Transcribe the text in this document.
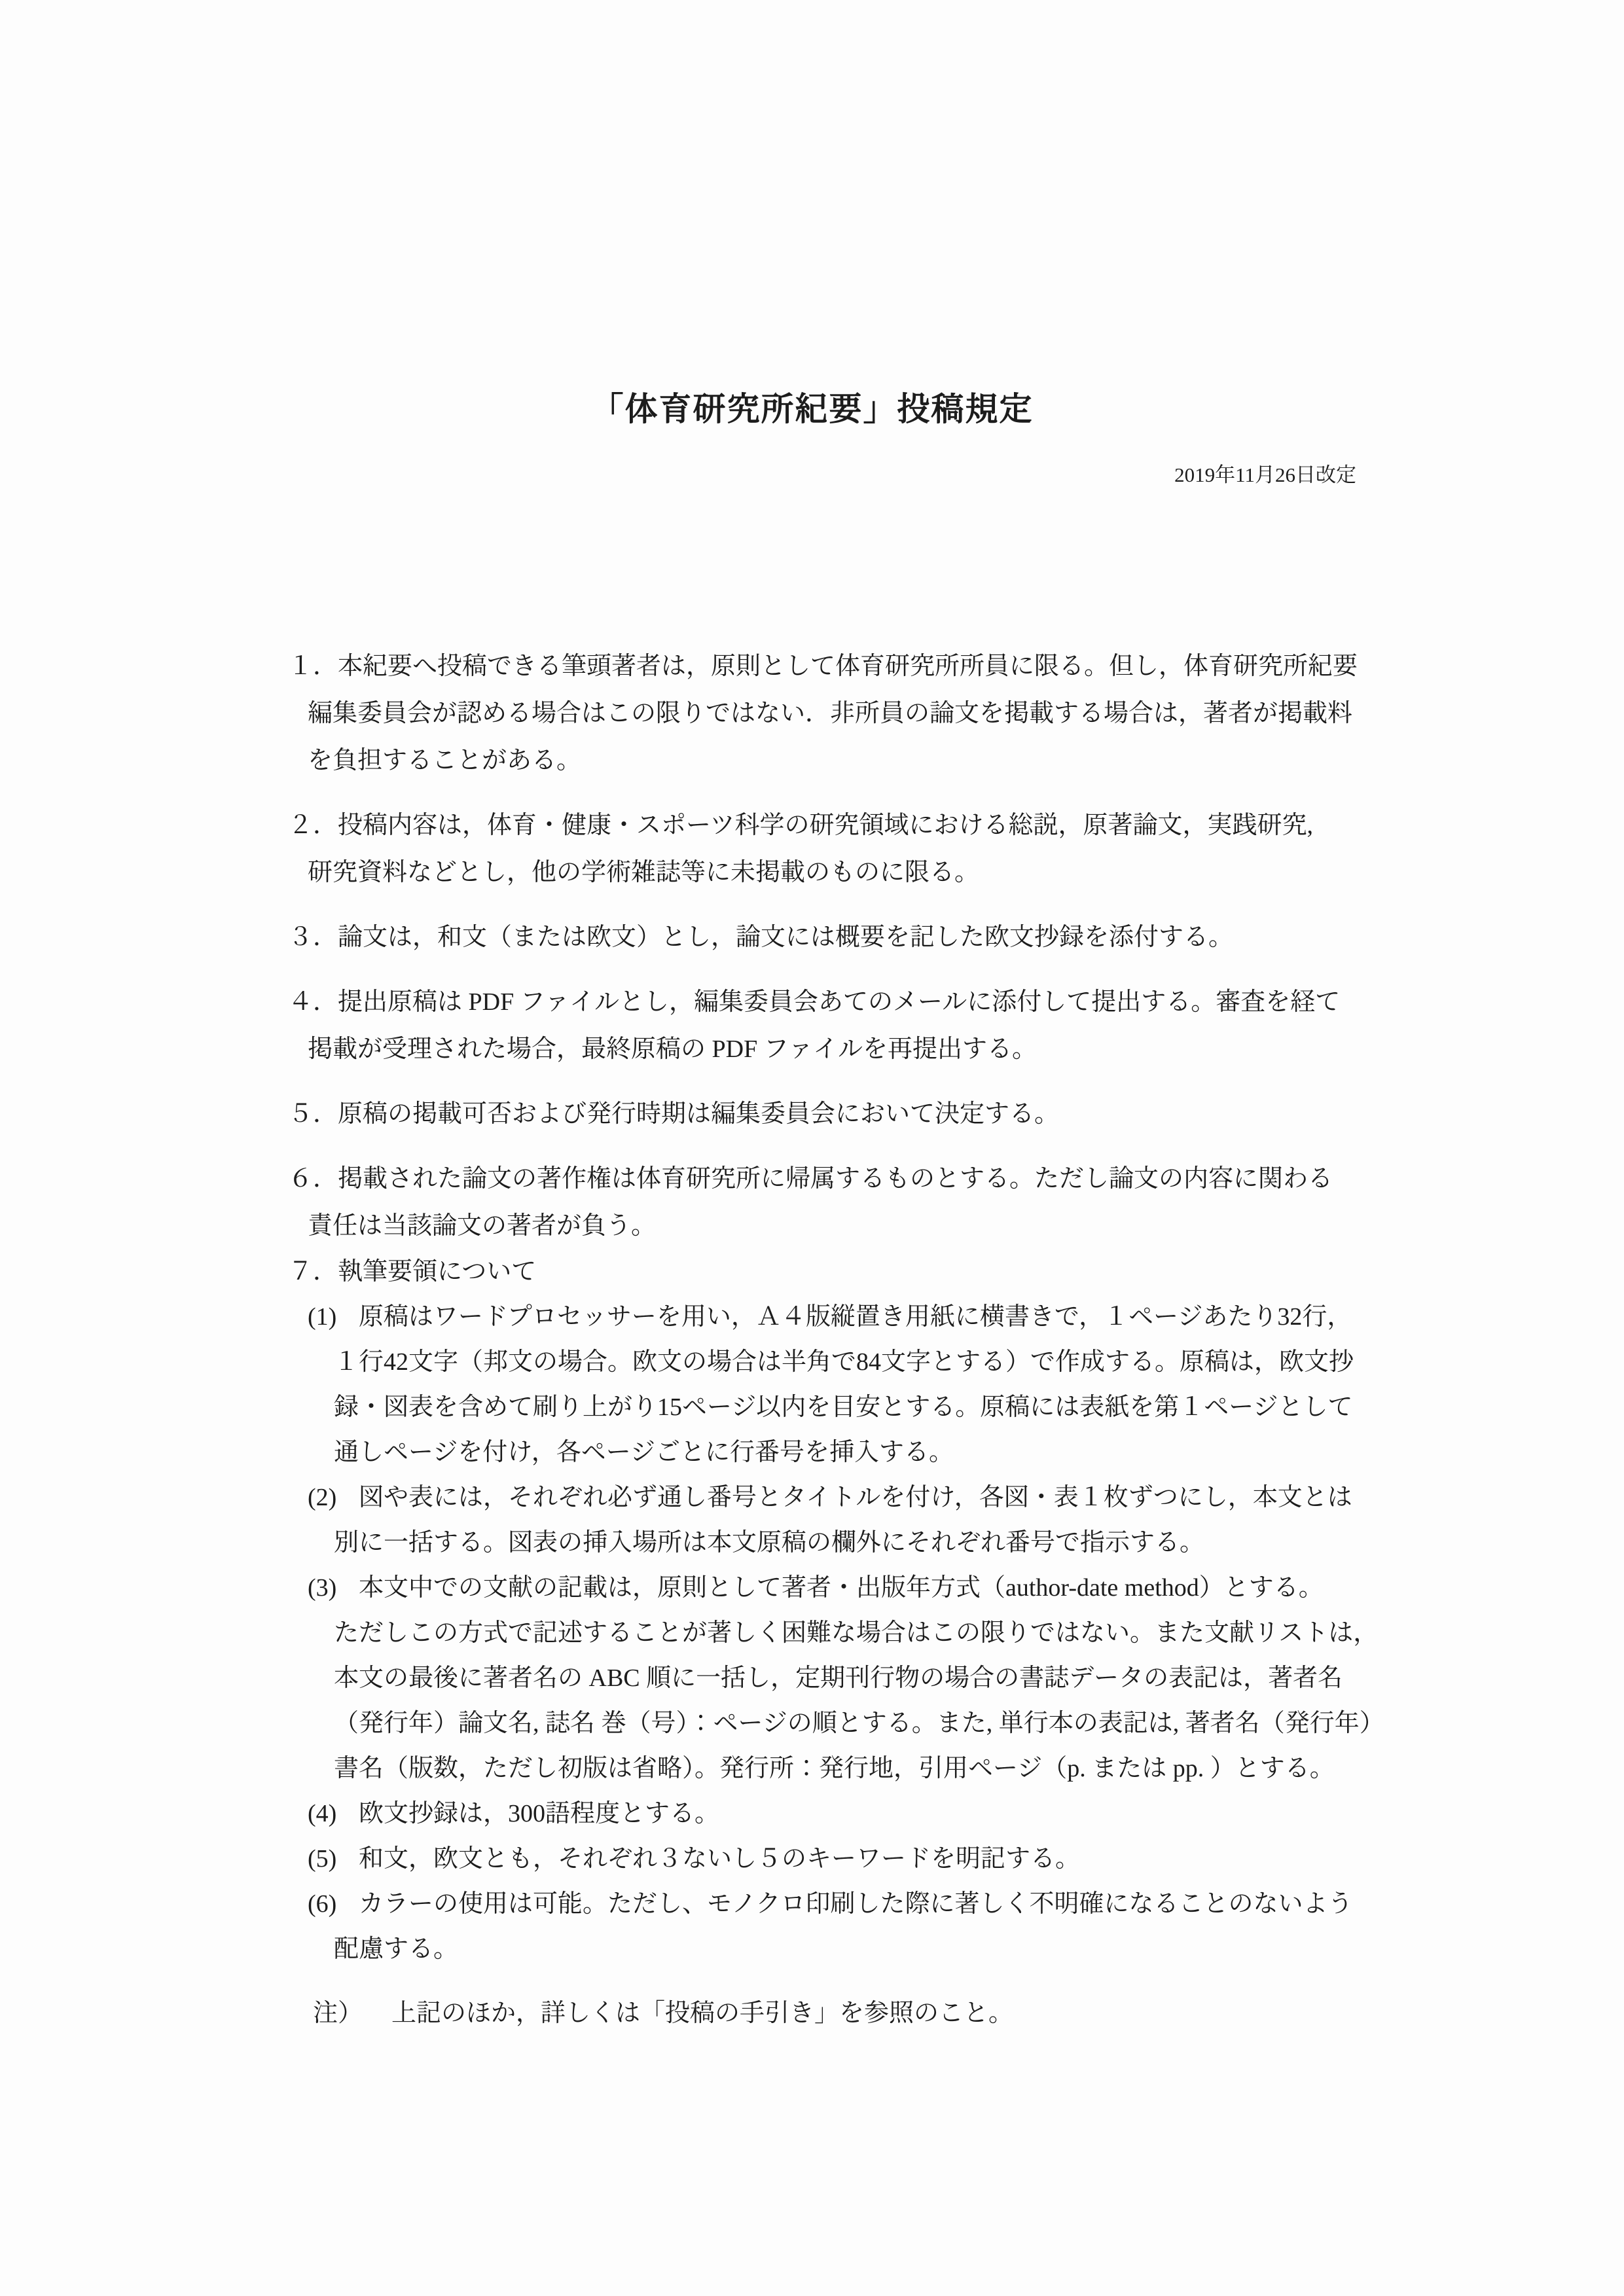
「体育研究所紀要」投稿規定
2019年11月26日改定
１．本紀要へ投稿できる筆頭著者は，原則として体育研究所所員に限る。但し，体育研究所紀要
編集委員会が認める場合はこの限りではない．非所員の論文を掲載する場合は，著者が掲載料
を負担することがある。
２．投稿内容は，体育・健康・スポーツ科学の研究領域における総説，原著論文，実践研究,
研究資料などとし，他の学術雑誌等に未掲載のものに限る。
３．論文は，和文（または欧文）とし，論文には概要を記した欧文抄録を添付する。
４．提出原稿は PDF ファイルとし，編集委員会あてのメールに添付して提出する。審査を経て
掲載が受理された場合，最終原稿の PDF ファイルを再提出する。
５．原稿の掲載可否および発行時期は編集委員会において決定する。
６．掲載された論文の著作権は体育研究所に帰属するものとする。ただし論文の内容に関わる
責任は当該論文の著者が負う。
７．執筆要領について
(1) 原稿はワードプロセッサーを用い，Ａ４版縦置き用紙に横書きで，１ページあたり32行，
１行42文字（邦文の場合。欧文の場合は半角で84文字とする）で作成する。原稿は，欧文抄
録・図表を含めて刷り上がり15ページ以内を目安とする。原稿には表紙を第１ページとして
通しページを付け，各ページごとに行番号を挿入する。
(2) 図や表には，それぞれ必ず通し番号とタイトルを付け，各図・表１枚ずつにし，本文とは
別に一括する。図表の挿入場所は本文原稿の欄外にそれぞれ番号で指示する。
(3) 本文中での文献の記載は，原則として著者・出版年方式（author-date method）とする。
ただしこの方式で記述することが著しく困難な場合はこの限りではない。また文献リストは，
本文の最後に著者名の ABC 順に一括し，定期刊行物の場合の書誌データの表記は，著者名
（発行年）論文名, 誌名 巻（号）：ページの順とする。また, 単行本の表記は, 著者名（発行年）
書名（版数，ただし初版は省略）。発行所：発行地，引用ページ（p. または pp. ）とする。
(4) 欧文抄録は，300語程度とする。
(5) 和文，欧文とも，それぞれ３ないし５のキーワードを明記する。
(6) カラーの使用は可能。ただし、モノクロ印刷した際に著しく不明確になることのないよう
配慮する。
注） 上記のほか，詳しくは「投稿の手引き」を参照のこと。
